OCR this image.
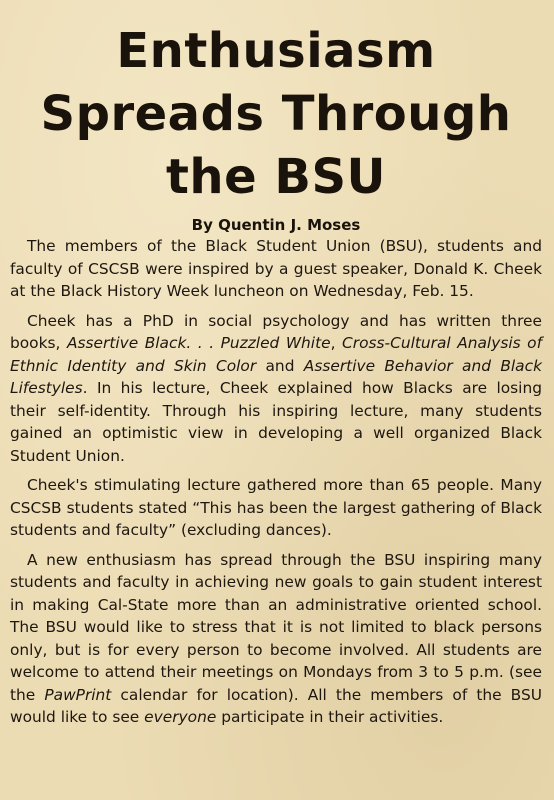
Enthusiasm
Spreads Through
the BSU
By Quentin J. Moses

The members of the Black Student Union (BSU), students and faculty of CSCSB were inspired by a guest speaker, Donald K. Cheek at the Black History Week luncheon on Wednesday, Feb. 15.

Cheek has a PhD in social psychology and has written three books, Assertive Black. . . Puzzled White, Cross-Cultural Analysis of Ethnic Identity and Skin Color and Assertive Behavior and Black Lifestyles. In his lecture, Cheek explained how Blacks are losing their self-identity. Through his inspiring lecture, many students gained an optimistic view in developing a well organized Black Student Union.

Cheek's stimulating lecture gathered more than 65 people. Many CSCSB students stated “This has been the largest gathering of Black students and faculty” (excluding dances).

A new enthusiasm has spread through the BSU inspiring many students and faculty in achieving new goals to gain student interest in making Cal-State more than an administrative oriented school. The BSU would like to stress that it is not limited to black persons only, but is for every person to become involved. All students are welcome to attend their meetings on Mondays from 3 to 5 p.m. (see the PawPrint calendar for location). All the members of the BSU would like to see everyone participate in their activities.
